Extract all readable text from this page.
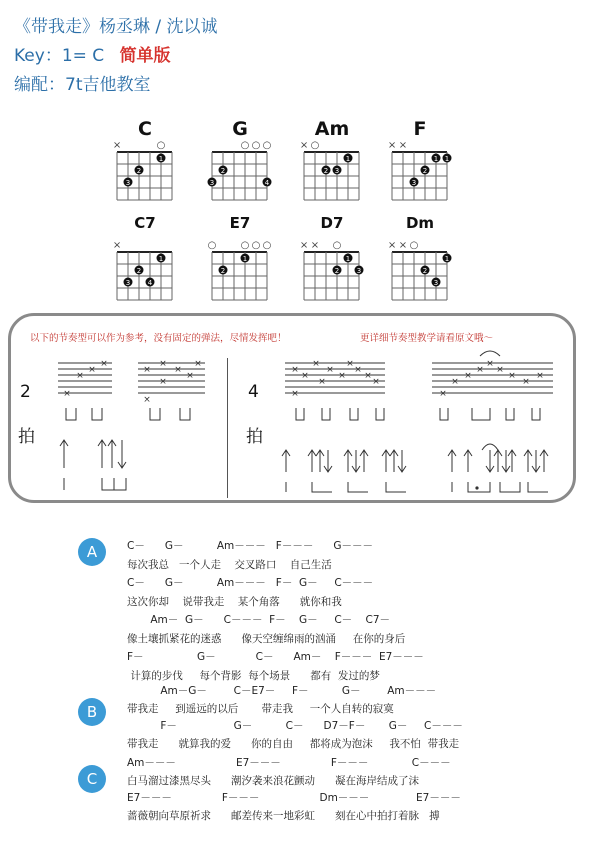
《带我走》杨丞琳 / 沈以诚
Key：1= C 简单版
编配：7t吉他教室
C
×	○
1
2
3
G
○ ○ ○
2
3	4
Am
× ○
1
2 3
F
× ×
1 1
2
3
C7
×
1
2
3	4
E7
○ ○ ○ ○
2
1
D7
× × ○
1
2	3
Dm
× × ○
1
2
3
以下的节奏型可以作为参考，没有固定的弹法，尽情发挥吧！	更详细节奏型教学请看原文哦～
2
拍
4
拍
×
×
×
×
×
×
×
×
×
×
×
×
×
×
×
×
×
×
×
×
×
×
×
×
×
×
×
×
×
×
×
A	C－      G－          Am－－－   F－－－      G－－－
每次我总   一个人走    交叉路口    自己生活
C－      G－          Am－－－   F－  G－     C－－－
这次你却    说带我走    某个角落      就你和我
Am－  G－      C－－－  F－    G－     C－    C7－
像土壤抓紧花的迷惑      像天空缠绵雨的汹涌     在你的身后
F－                G－            C－      Am－    F－－－  E7－－－
计算的步伐     每个背影  每个场景      都有  发过的梦
B
Am－G－        C－E7－     F－          G－        Am－－－
带我走     到遥远的以后       带走我     一个人自转的寂寞
F－                 G－          C－      D7－F－       G－     C－－－
带我走      就算我的爱      你的自由     都将成为泡沫     我不怕  带我走
C
Am－－－                  E7－－－               F－－－             C－－－
白马溜过漆黑尽头      潮汐袭来浪花颤动      凝在海岸结成了沫
E7－－－               F－－－                  Dm－－－              E7－－－
蔷薇朝向草原祈求      邮差传来一地彩虹      刻在心中拍打着脉   搏
